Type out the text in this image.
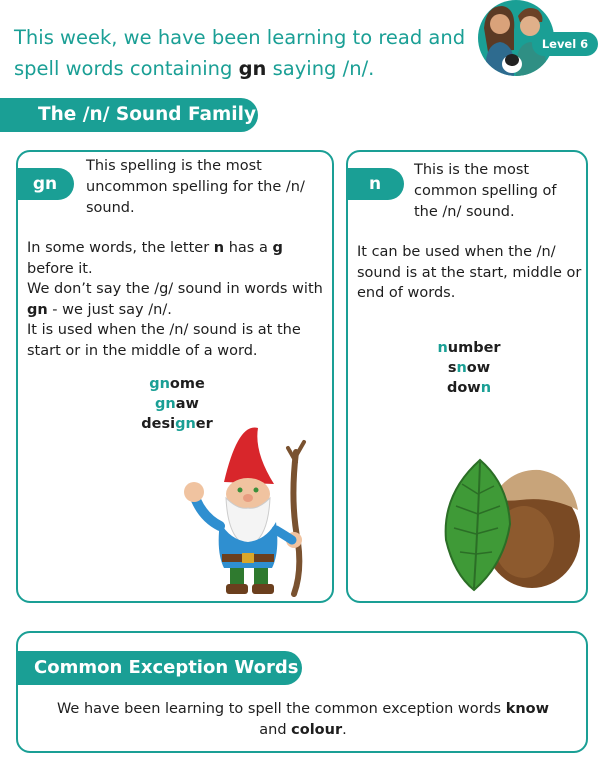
This week, we have been learning to read and
spell words containing gn saying /n/.
Level 6
The /n/ Sound Family
gn
This spelling is the most uncommon spelling for the /n/ sound.

In some words, the letter n has a g before it.

We don’t say the /g/ sound in words with gn - we just say /n/.

It is used when the /n/ sound is at the start or in the middle of a word.

gnome
gnaw
designer
n
This is the most common spelling of the /n/ sound.

It can be used when the /n/ sound is at the start, middle or end of words.

number
snow
down
Common Exception Words
We have been learning to spell the common exception words know
and colour.
